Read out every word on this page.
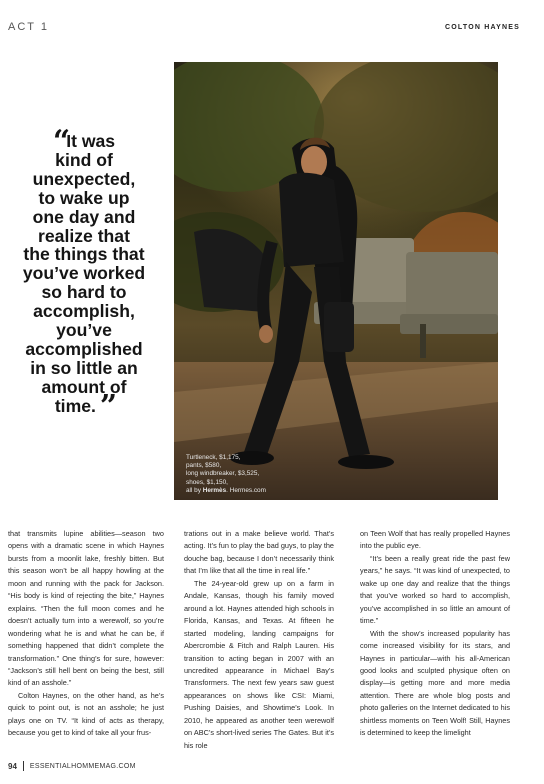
ACT 1	COLTON HAYNES
“It was
kind of
unexpected,
to wake up
one day and
realize that
the things that
you’ve worked
so hard to
accomplish,
you’ve
accomplished
in so little an
amount of
time. ”
Turtleneck, $1,175,
pants, $580,
long windbreaker, $3,525,
shoes, $1,150,
all by Hermès. Hermes.com

that transmits lupine abilities—season two opens with a dramatic scene in which Haynes bursts from a moonlit lake, freshly bitten. But this season won’t be all happy howling at the moon and running with the pack for Jackson. “His body is kind of rejecting the bite,” Haynes explains. “Then the full moon comes and he doesn’t actually turn into a werewolf, so you’re wondering what he is and what he can be, if something happened that didn’t complete the transformation.” One thing’s for sure, however: “Jackson’s still hell bent on being the best, still kind of an asshole.”

Colton Haynes, on the other hand, as he’s quick to point out, is not an asshole; he just plays one on TV. “It kind of acts as therapy, because you get to kind of take all your frus-

trations out in a make believe world. That’s acting. It’s fun to play the bad guys, to play the douche bag, because I don’t necessarily think that I’m like that all the time in real life.”

The 24-year-old grew up on a farm in Andale, Kansas, though his family moved around a lot. Haynes attended high schools in Florida, Kansas, and Texas. At fifteen he started modeling, landing campaigns for Abercrombie & Fitch and Ralph Lauren. His transition to acting began in 2007 with an uncredited appearance in Michael Bay’s Transformers. The next few years saw guest appearances on shows like CSI: Miami, Pushing Daisies, and Showtime’s Look. In 2010, he appeared as another teen werewolf on ABC’s short-lived series The Gates. But it’s his role

on Teen Wolf that has really propelled Haynes into the public eye.

“It’s been a really great ride the past few years,” he says. “It was kind of unexpected, to wake up one day and realize that the things that you’ve worked so hard to accomplish, you’ve accomplished in so little an amount of time.”

With the show’s increased popularity has come increased visibility for its stars, and Haynes in particular—with his all-American good looks and sculpted physique often on display—is getting more and more media attention. There are whole blog posts and photo galleries on the Internet dedicated to his shirtless moments on Teen Wolf! Still, Haynes is determined to keep the limelight

94 ESSENTIALHOMMEMAG.COM
